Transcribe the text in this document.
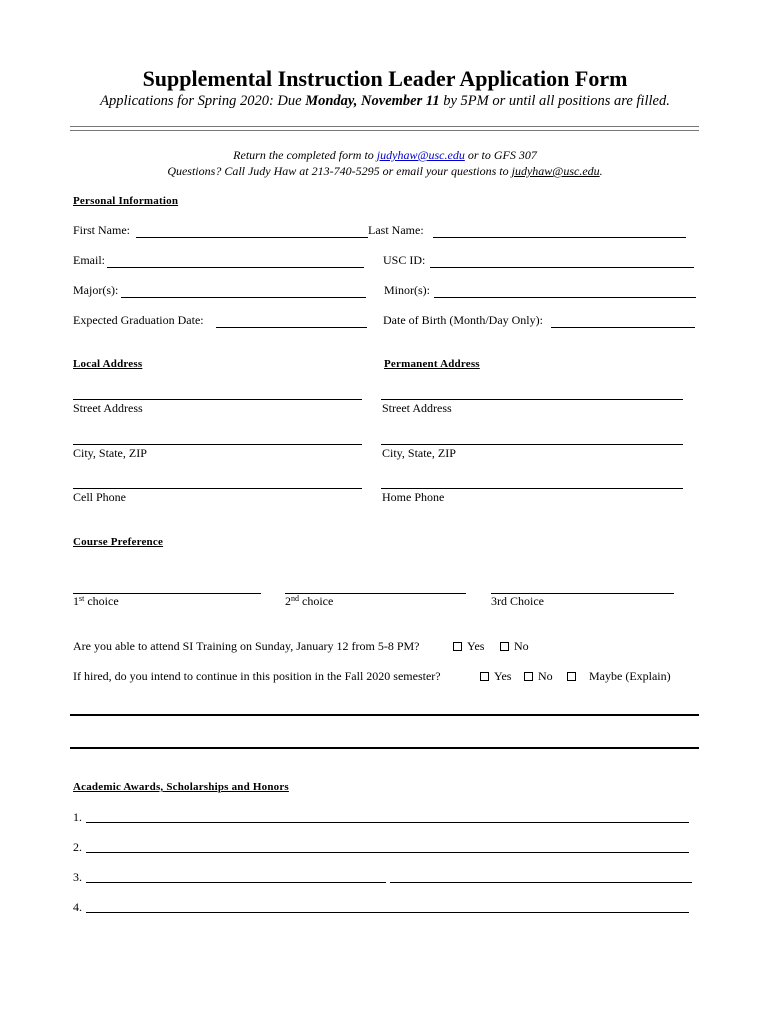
Supplemental Instruction Leader Application Form
Applications for Spring 2020: Due Monday, November 11 by 5PM or until all positions are filled.
Return the completed form to judyhaw@usc.edu or to GFS 307
Questions? Call Judy Haw at 213-740-5295 or email your questions to judyhaw@usc.edu.
Personal Information
First Name:	Last Name:
Email:	USC ID:
Major(s):	Minor(s):
Expected Graduation Date:	Date of Birth (Month/Day Only):
Local Address	Permanent Address
Street Address	Street Address
City, State, ZIP	City, State, ZIP
Cell Phone	Home Phone
Course Preference
1st choice	2nd choice	3rd Choice
Are you able to attend SI Training on Sunday, January 12 from 5-8 PM?	Yes	No
If hired, do you intend to continue in this position in the Fall 2020 semester?	Yes	No	Maybe (Explain)
Academic Awards, Scholarships and Honors
1.
2.
3.
4.
